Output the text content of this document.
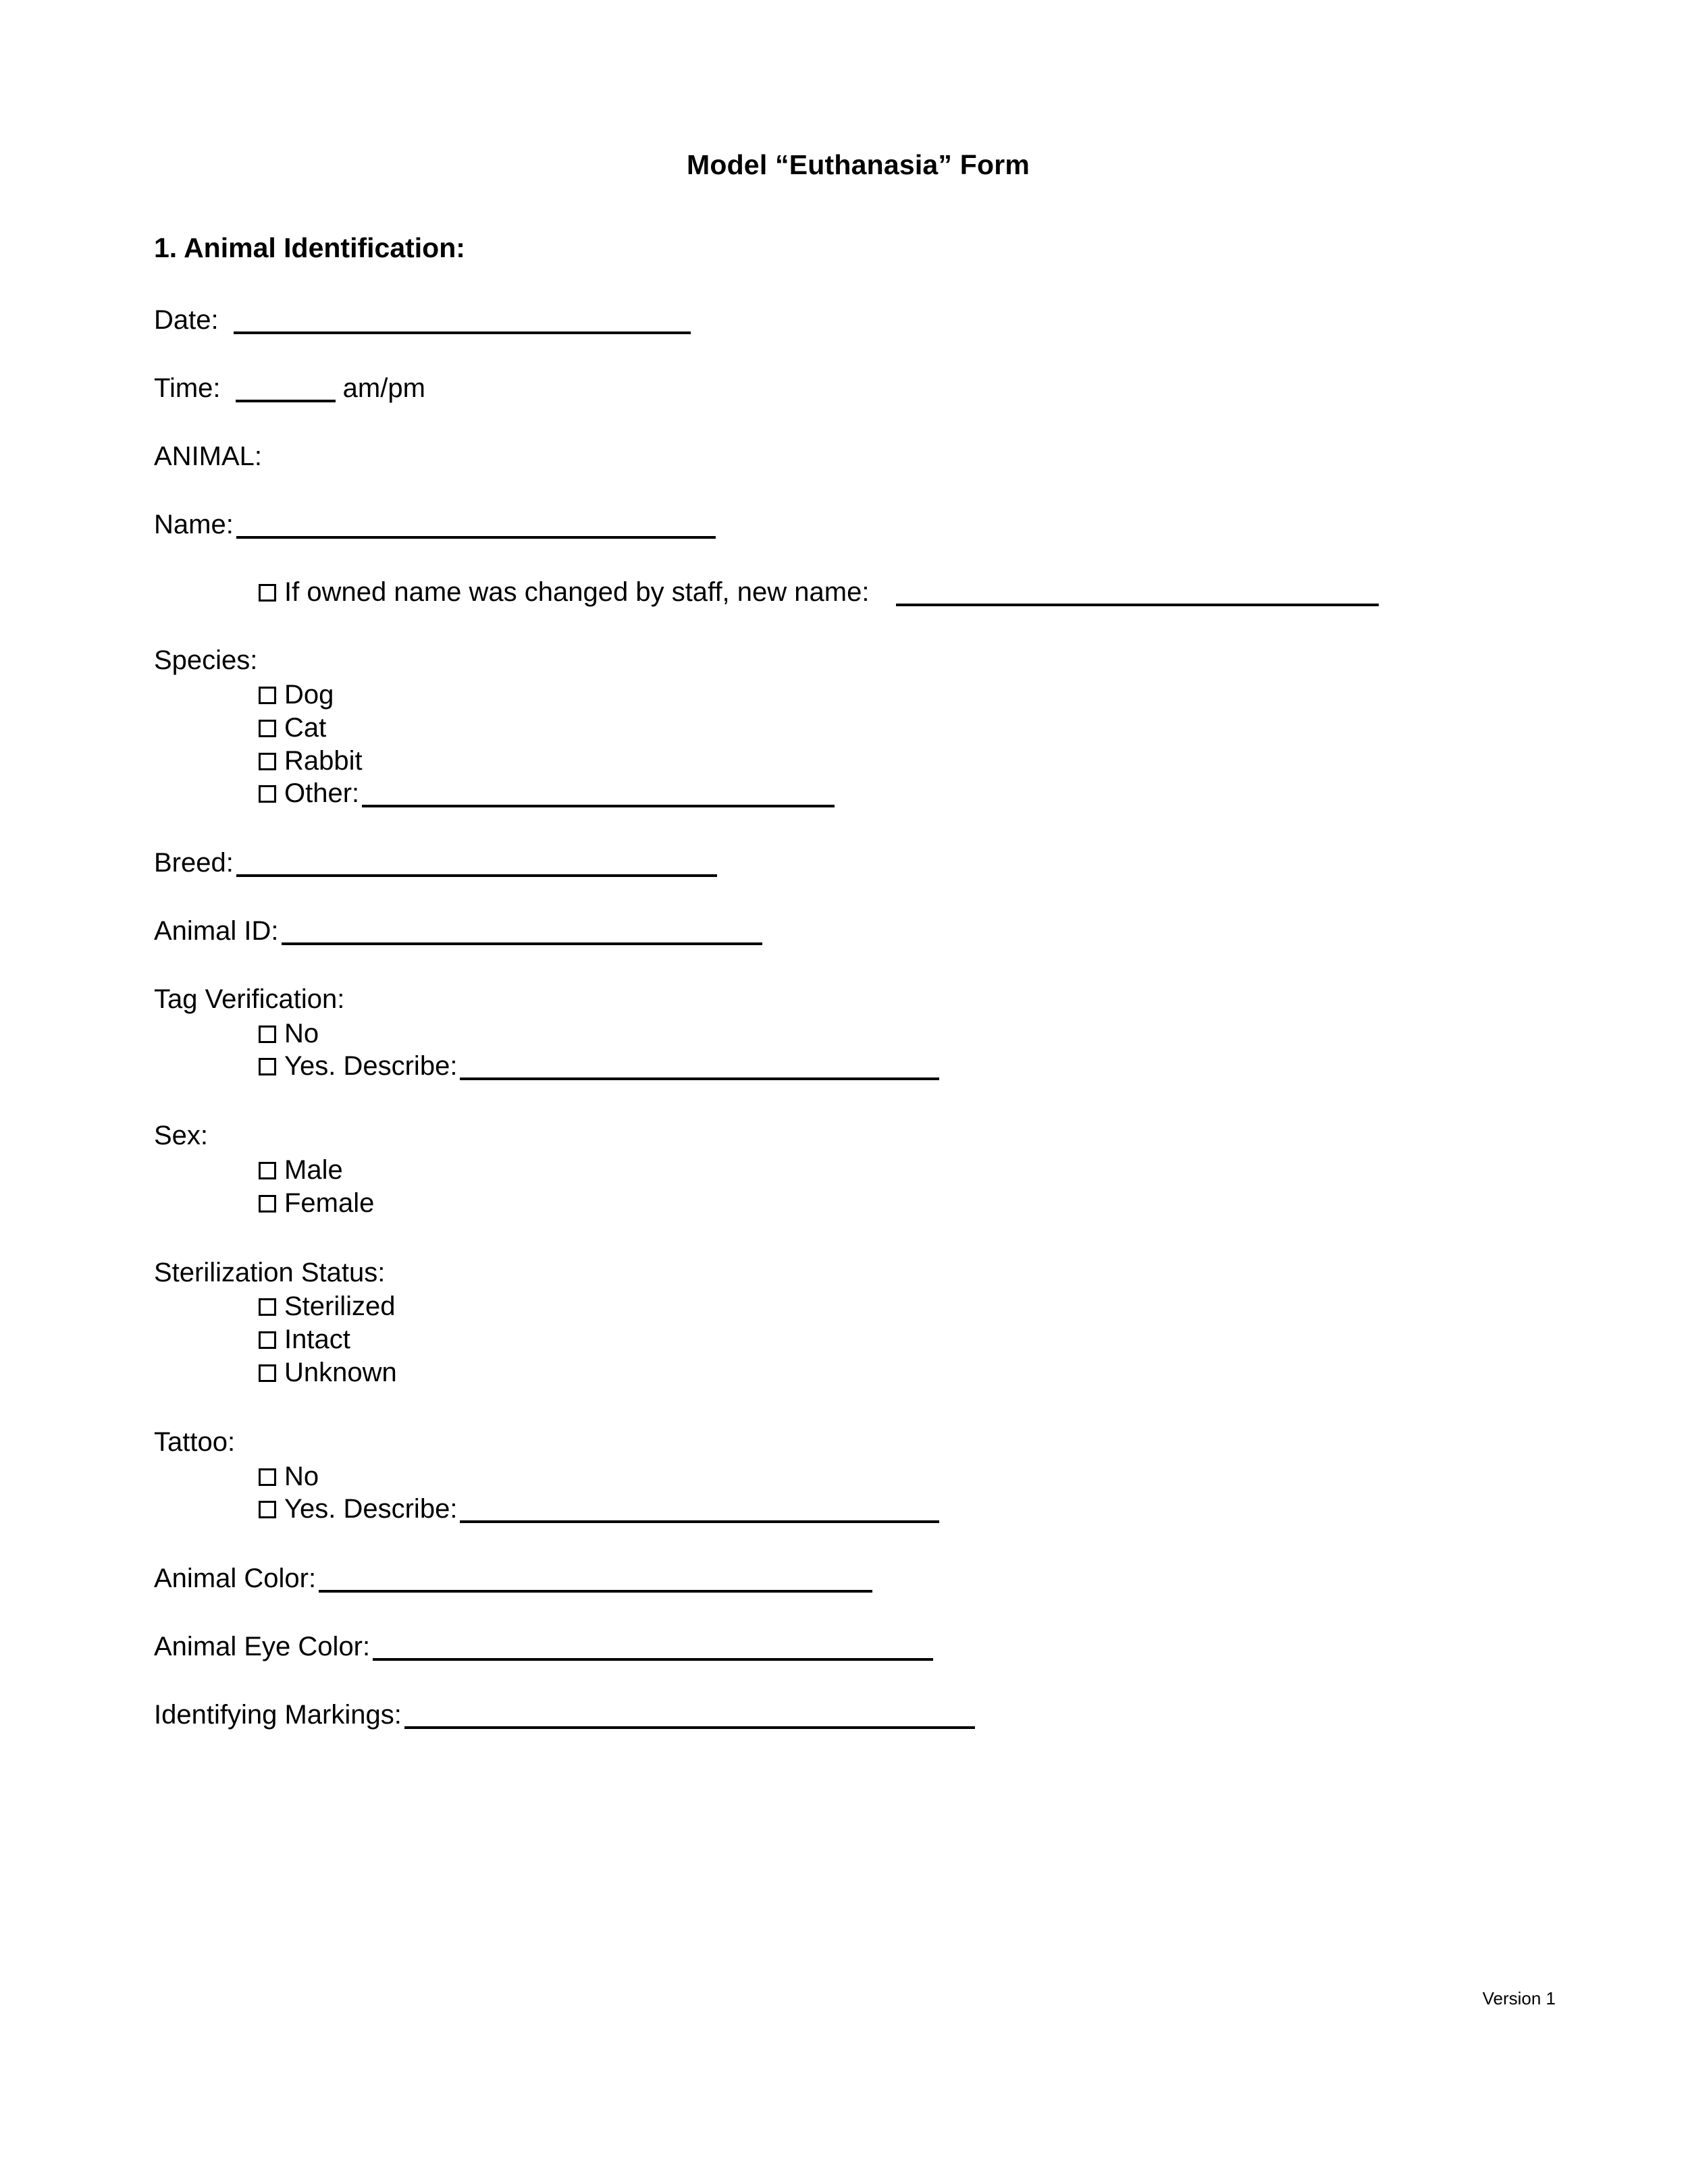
Model “Euthanasia” Form
1. Animal Identification:
Date:
Time:	am/pm
ANIMAL:
Name:
If owned name was changed by staff, new name:
Species:
Dog
Cat
Rabbit
Other:
Breed:
Animal ID:
Tag Verification:
No
Yes. Describe:
Sex:
Male
Female
Sterilization Status:
Sterilized
Intact
Unknown
Tattoo:
No
Yes. Describe:
Animal Color:
Animal Eye Color:
Identifying Markings:
Version 1
